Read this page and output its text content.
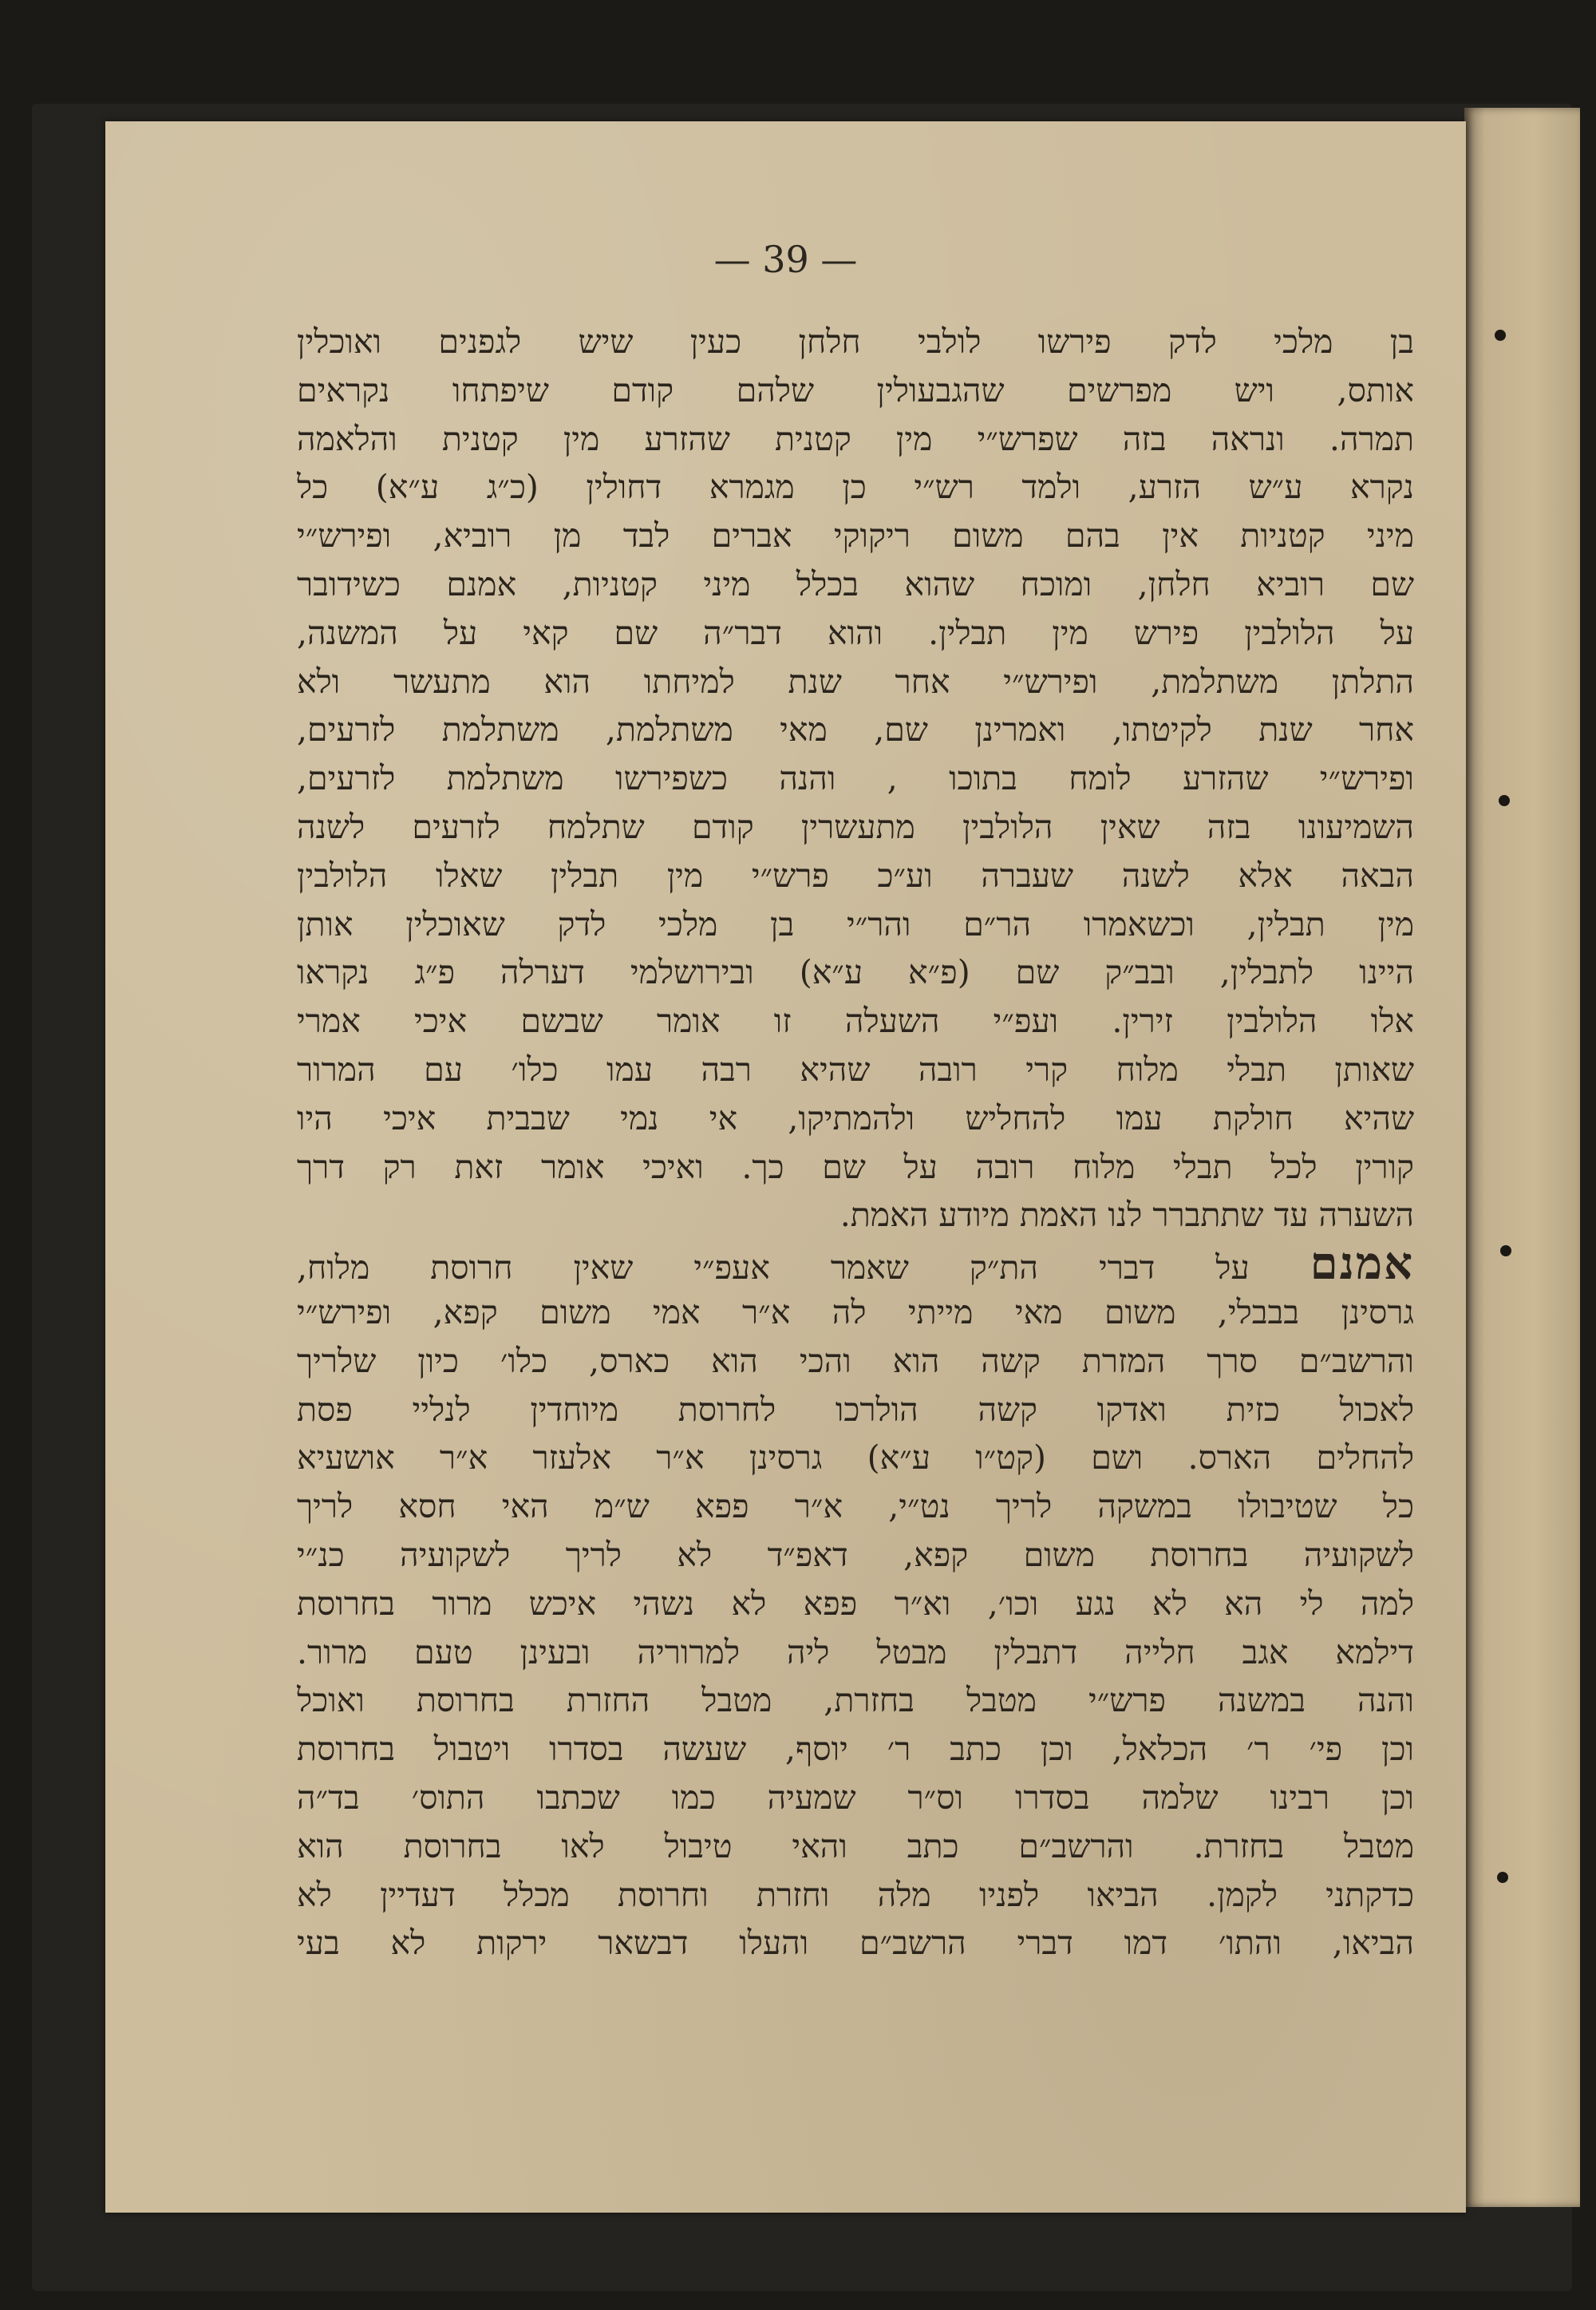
— 39 —
בן מלכי לדק פירשו לולבי חלחן כעין שיש לגפנים ואוכלין
אותס, ויש מפרשים שהגבעולין שלהם קודם שיפתחו נקראים
תמרה. ונראה בזה שפרש״י מין קטנית שהזרע מין קטנית והלאמה
נקרא ע״ש הזרע, ולמד רש״י כן מגמרא דחולין (כ״ג ע״א) כל
מיני קטניות אין בהם משום ריקוקי אברים לבד מן רוביא, ופירש״י
שם רוביא חלחן, ומוכח שהוא בכלל מיני קטניות, אמנם כשידובר
על הלולבין פירש מין תבלין. והוא דבר״ה שם קאי על המשנה,
התלתן משתלמת, ופירש״י אחר שנת למיחתו הוא מתעשר ולא
אחר שנת לקיטתו, ואמרינן שם, מאי משתלמת, משתלמת לזרעים,
ופירש״י שהזרע לומח בתוכו , והנה כשפירשו משתלמת לזרעים,
השמיעונו בזה שאין הלולבין מתעשרין קודם שתלמח לזרעים לשנה
הבאה אלא לשנה שעברה וע״כ פרש״י מין תבלין שאלו הלולבין
מין תבלין, וכשאמרו הר״ם והר״י בן מלכי לדק שאוכלין אותן
היינו לתבלין, ובב״ק שם (פ״א ע״א) ובירושלמי דערלה פ״ג נקראו
אלו הלולבין זירין. ועפ״י השעלה זו אומר שבשם איכי אמרי
שאותן תבלי מלוח קרי רובה שהיא רבה עמו כלו׳ עם המרור
שהיא חולקת עמו להחליש ולהמתיקו, אי נמי שבבית איכי היו
קורין לכל תבלי מלוח רובה על שם כך. ואיכי אומר זאת רק דרך
השערה עד שתתברר לנו האמת מיודע האמת.
אמנם על דברי הת״ק שאמר אעפ״י שאין חרוסת מלוח,
גרסינן בבבלי, משום מאי מייתי לה א״ר אמי משום קפא, ופירש״י
והרשב״ם סרך המזרת קשה הוא והכי הוא כארס, כלו׳ כיון שלריך
לאכול כזית ואדקו קשה הולרכו לחרוסת מיוחדין לנליי פסת
להחלים הארס. ושם (קט״ו ע״א) גרסינן א״ר אלעזר א״ר אושעיא
כל שטיבולו במשקה לריך נט״י, א״ר פפא ש״מ האי חסא לריך
לשקועיה בחרוסת משום קפא, דאפ״ד לא לריך לשקועיה כנ״י
למה לי הא לא נגע וכו׳, וא״ר פפא לא נשהי איכש מרור בחרוסת
דילמא אגב חלייה דתבלין מבטל ליה למרוריה ובעינן טעם מרור.
והנה במשנה פרש״י מטבל בחזרת, מטבל החזרת בחרוסת ואוכל
וכן פי׳ ר׳ הכלאל, וכן כתב ר׳ יוסף, שעשה בסדרו ויטבול בחרוסת
וכן רבינו שלמה בסדרו וס״ר שמעיה כמו שכתבו התוס׳ בד״ה
מטבל בחזרת. והרשב״ם כתב והאי טיבול לאו בחרוסת הוא
כדקתני לקמן. הביאו לפניו מלה וחזרת וחרוסת מכלל דעדיין לא
הביאו, והתו׳ דמו דברי הרשב״ם והעלו דבשאר ירקות לא בעי
